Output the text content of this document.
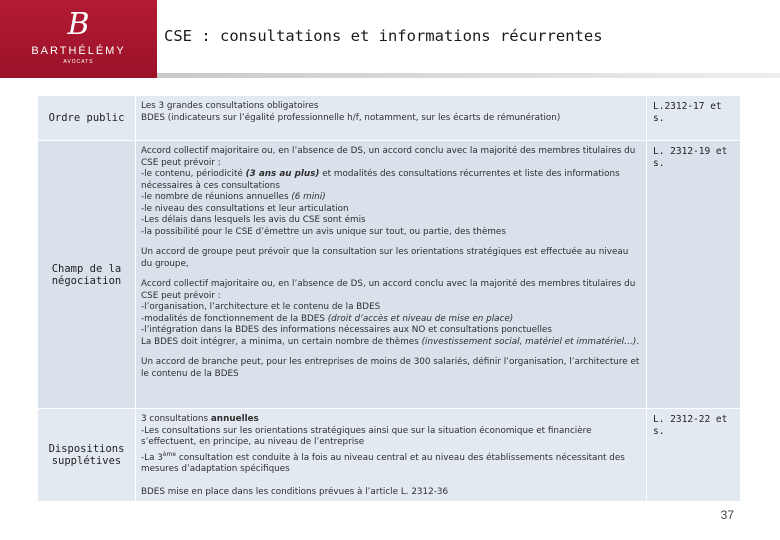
B
BARTHÉLÉMY
AVOCATS
CSE : consultations et informations récurrentes
Ordre public

Les 3 grandes consultations obligatoires

BDES (indicateurs sur l’égalité professionnelle h/f, notamment, sur les écarts de rémunération)

L.2312-17 et s.
Champ de la négociation

Accord collectif majoritaire ou, en l’absence de DS, un accord conclu avec la majorité des membres titulaires du CSE peut prévoir :

-le contenu, périodicité (3 ans au plus) et modalités des consultations récurrentes et liste des informations nécessaires à ces consultations

-le nombre de réunions annuelles (6 mini)

-le niveau des consultations et leur articulation

-Les délais dans lesquels les avis du CSE sont émis

-la possibilité pour le CSE d’émettre un avis unique sur tout, ou partie, des thèmes

Un accord de groupe peut prévoir que la consultation sur les orientations stratégiques est effectuée au niveau du groupe,

Accord collectif majoritaire ou, en l’absence de DS, un accord conclu avec la majorité des membres titulaires du CSE peut prévoir :

-l’organisation, l’architecture et le contenu de la BDES

-modalités de fonctionnement de la BDES (droit d’accès et niveau de mise en place)

-l’intégration dans la BDES des informations nécessaires aux NO et consultations ponctuelles

La BDES doit intégrer, a minima, un certain nombre de thèmes (investissement social, matériel et immatériel…).

Un accord de branche peut, pour les entreprises de moins de 300 salariés, définir l’organisation, l’architecture et le contenu de la BDES

L. 2312-19 et s.
Dispositions supplétives

3 consultations annuelles

-Les consultations sur les orientations stratégiques ainsi que sur la situation économique et financière s’effectuent, en principe, au niveau de l’entreprise

-La 3ème consultation est conduite à la fois au niveau central et au niveau des établissements nécessitant des mesures d’adaptation spécifiques

BDES mise en place dans les conditions prévues à l’article L. 2312-36

L. 2312-22 et s.
37
